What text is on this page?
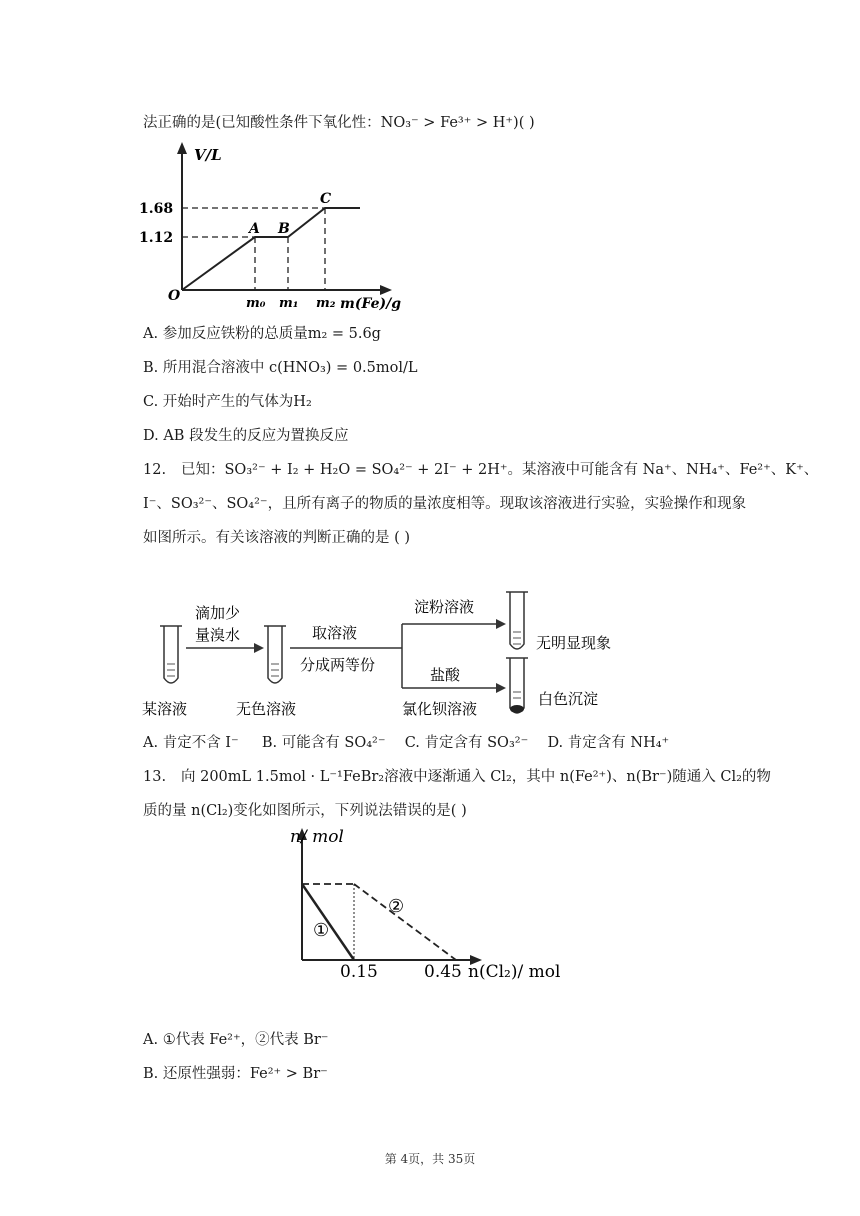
法正确的是(已知酸性条件下氧化性：NO₃⁻ > Fe³⁺ > H⁺)( )
V/L
m(Fe)/g
O
1.68
1.12
m₀ m₁ m₂
A B
C
A. 参加反应铁粉的总质量m₂ = 5.6g
B. 所用混合溶液中 c(HNO₃) = 0.5mol/L
C. 开始时产生的气体为H₂
D. AB 段发生的反应为置换反应
12. 已知：SO₃²⁻ + I₂ + H₂O = SO₄²⁻ + 2I⁻ + 2H⁺。某溶液中可能含有 Na⁺、NH₄⁺、Fe²⁺、K⁺、
I⁻、SO₃²⁻、SO₄²⁻，且所有离子的物质的量浓度相等。现取该溶液进行实验，实验操作和现象
如图所示。有关该溶液的判断正确的是 ( )
滴加少
量溴水	取溶液
分成两等份
淀粉溶液
盐酸
氯化钡溶液
无明显现象
白色沉淀
某溶液	无色溶液
A. 肯定不含 I⁻ B. 可能含有 SO₄²⁻ C. 肯定含有 SO₃²⁻ D. 肯定含有 NH₄⁺
13. 向 200mL 1.5mol · L⁻¹FeBr₂溶液中逐渐通入 Cl₂，其中 n(Fe²⁺)、n(Br⁻)随通入 Cl₂的物
质的量 n(Cl₂)变化如图所示，下列说法错误的是( )
n/ mol
n(Cl₂)/ mol
0.15	0.45
①
②
A. ①代表 Fe²⁺，②代表 Br⁻
B. 还原性强弱：Fe²⁺ > Br⁻
第 4页，共 35页
